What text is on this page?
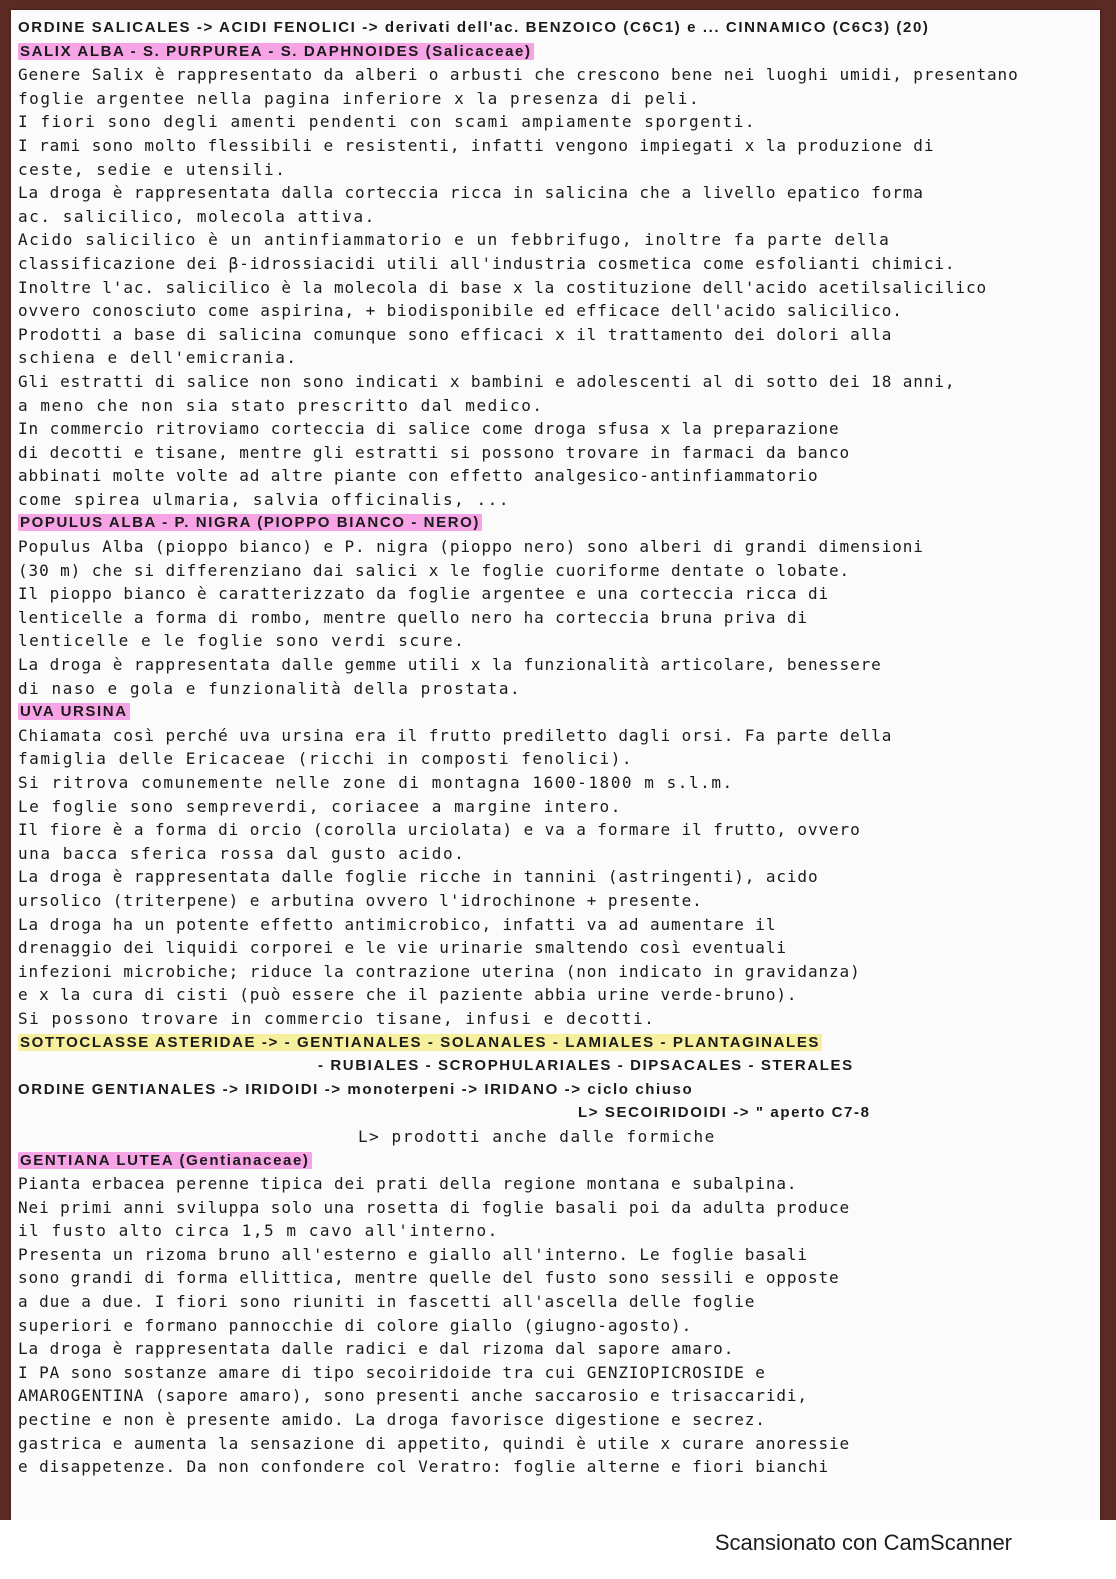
ORDINE SALICALES -> ACIDI FENOLICI -> derivati dell'ac. BENZOICO (C6C1) e ... CINNAMICO (C6C3) (20)
SALIX ALBA - S. PURPUREA - S. DAPHNOIDES (Salicaceae)
Genere Salix è rappresentato da alberi o arbusti che crescono bene nei luoghi umidi, presentano
foglie argentee nella pagina inferiore x la presenza di peli.
I fiori sono degli amenti pendenti con scami ampiamente sporgenti.
I rami sono molto flessibili e resistenti, infatti vengono impiegati x la produzione di
ceste, sedie e utensili.
La droga è rappresentata dalla corteccia ricca in salicina che a livello epatico forma
ac. salicilico, molecola attiva.
Acido salicilico è un antinfiammatorio e un febbrifugo, inoltre fa parte della
classificazione dei β-idrossiacidi utili all'industria cosmetica come esfolianti chimici.
Inoltre l'ac. salicilico è la molecola di base x la costituzione dell'acido acetilsalicilico
ovvero conosciuto come aspirina, + biodisponibile ed efficace dell'acido salicilico.
Prodotti a base di salicina comunque sono efficaci x il trattamento dei dolori alla
schiena e dell'emicrania.
Gli estratti di salice non sono indicati x bambini e adolescenti al di sotto dei 18 anni,
a meno che non sia stato prescritto dal medico.
In commercio ritroviamo corteccia di salice come droga sfusa x la preparazione
di decotti e tisane, mentre gli estratti si possono trovare in farmaci da banco
abbinati molte volte ad altre piante con effetto analgesico-antinfiammatorio
come spirea ulmaria, salvia officinalis, ...
POPULUS ALBA - P. NIGRA (PIOPPO BIANCO - NERO)
Populus Alba (pioppo bianco) e P. nigra (pioppo nero) sono alberi di grandi dimensioni
(30 m) che si differenziano dai salici x le foglie cuoriforme dentate o lobate.
Il pioppo bianco è caratterizzato da foglie argentee e una corteccia ricca di
lenticelle a forma di rombo, mentre quello nero ha corteccia bruna priva di
lenticelle e le foglie sono verdi scure.
La droga è rappresentata dalle gemme utili x la funzionalità articolare, benessere
di naso e gola e funzionalità della prostata.
UVA URSINA
Chiamata così perché uva ursina era il frutto prediletto dagli orsi. Fa parte della
famiglia delle Ericaceae (ricchi in composti fenolici).
Si ritrova comunemente nelle zone di montagna 1600-1800 m s.l.m.
Le foglie sono sempreverdi, coriacee a margine intero.
Il fiore è a forma di orcio (corolla urciolata) e va a formare il frutto, ovvero
una bacca sferica rossa dal gusto acido.
La droga è rappresentata dalle foglie ricche in tannini (astringenti), acido
ursolico (triterpene) e arbutina ovvero l'idrochinone + presente.
La droga ha un potente effetto antimicrobico, infatti va ad aumentare il
drenaggio dei liquidi corporei e le vie urinarie smaltendo così eventuali
infezioni microbiche; riduce la contrazione uterina (non indicato in gravidanza)
e x la cura di cisti (può essere che il paziente abbia urine verde-bruno).
Si possono trovare in commercio tisane, infusi e decotti.
SOTTOCLASSE ASTERIDAE -> - GENTIANALES - SOLANALES - LAMIALES - PLANTAGINALES
- RUBIALES - SCROPHULARIALES - DIPSACALES - STERALES
ORDINE GENTIANALES -> IRIDOIDI -> monoterpeni -> IRIDANO -> ciclo chiuso
L> SECOIRIDOIDI -> " aperto C7-8
L> prodotti anche dalle formiche
GENTIANA LUTEA (Gentianaceae)
Pianta erbacea perenne tipica dei prati della regione montana e subalpina.
Nei primi anni sviluppa solo una rosetta di foglie basali poi da adulta produce
il fusto alto circa 1,5 m cavo all'interno.
Presenta un rizoma bruno all'esterno e giallo all'interno. Le foglie basali
sono grandi di forma ellittica, mentre quelle del fusto sono sessili e opposte
a due a due. I fiori sono riuniti in fascetti all'ascella delle foglie
superiori e formano pannocchie di colore giallo (giugno-agosto).
La droga è rappresentata dalle radici e dal rizoma dal sapore amaro.
I PA sono sostanze amare di tipo secoiridoide tra cui GENZIOPICROSIDE e
AMAROGENTINA (sapore amaro), sono presenti anche saccarosio e trisaccaridi,
pectine e non è presente amido. La droga favorisce digestione e secrez.
gastrica e aumenta la sensazione di appetito, quindi è utile x curare anoressie
e disappetenze. Da non confondere col Veratro: foglie alterne e fiori bianchi
Scansionato con CamScanner
